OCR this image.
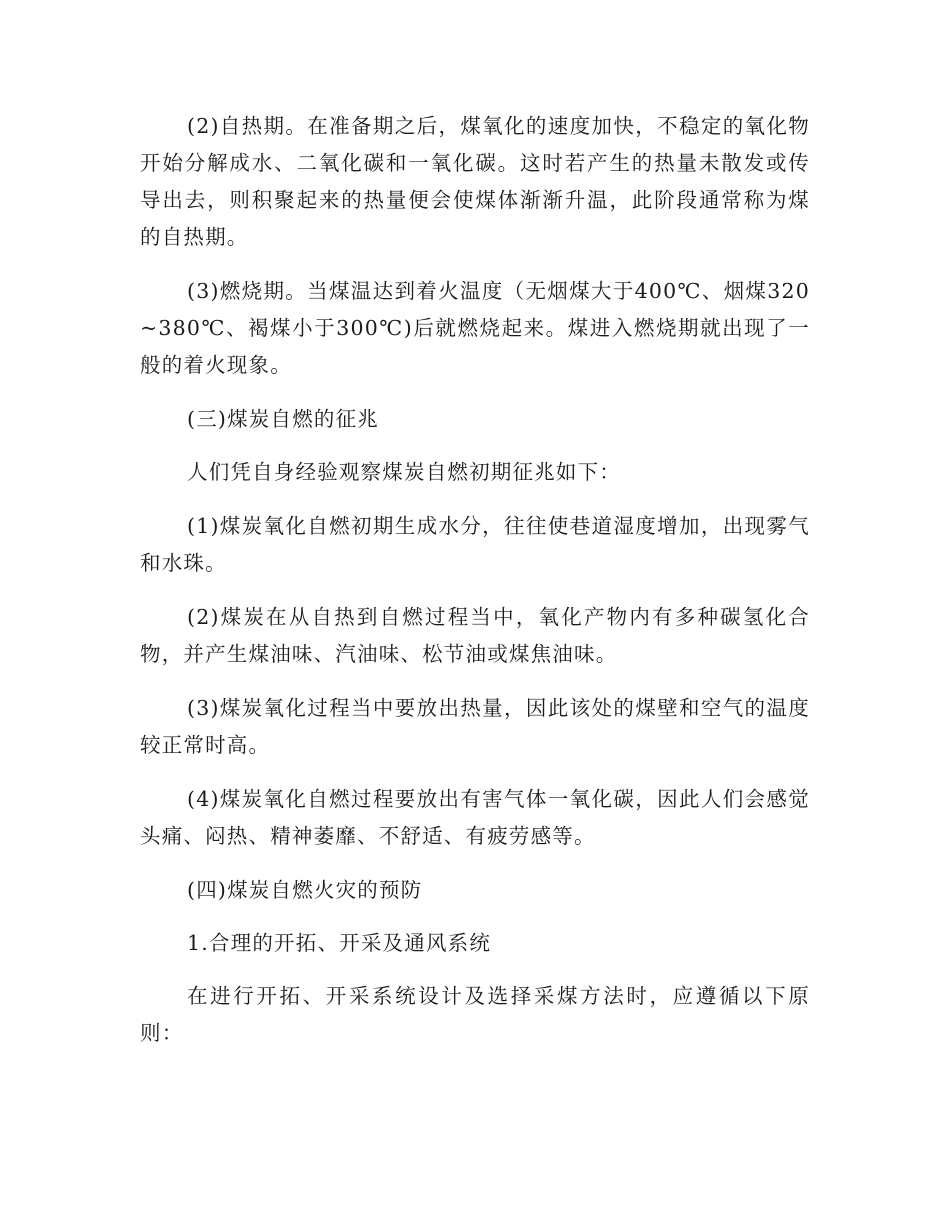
(2)自热期。在准备期之后，煤氧化的速度加快，不稳定的氧化物开始分解成水、二氧化碳和一氧化碳。这时若产生的热量未散发或传导出去，则积聚起来的热量便会使煤体渐渐升温，此阶段通常称为煤的自热期。

(3)燃烧期。当煤温达到着火温度（无烟煤大于400℃、烟煤320~380℃、褐煤小于300℃)后就燃烧起来。煤进入燃烧期就出现了一般的着火现象。

(三)煤炭自燃的征兆

人们凭自身经验观察煤炭自燃初期征兆如下：

(1)煤炭氧化自燃初期生成水分，往往使巷道湿度增加，出现雾气和水珠。

(2)煤炭在从自热到自燃过程当中，氧化产物内有多种碳氢化合物，并产生煤油味、汽油味、松节油或煤焦油味。

(3)煤炭氧化过程当中要放出热量，因此该处的煤壁和空气的温度较正常时高。

(4)煤炭氧化自燃过程要放出有害气体一氧化碳，因此人们会感觉头痛、闷热、精神萎靡、不舒适、有疲劳感等。

(四)煤炭自燃火灾的预防

1.合理的开拓、开采及通风系统

在进行开拓、开采系统设计及选择采煤方法时，应遵循以下原则：
